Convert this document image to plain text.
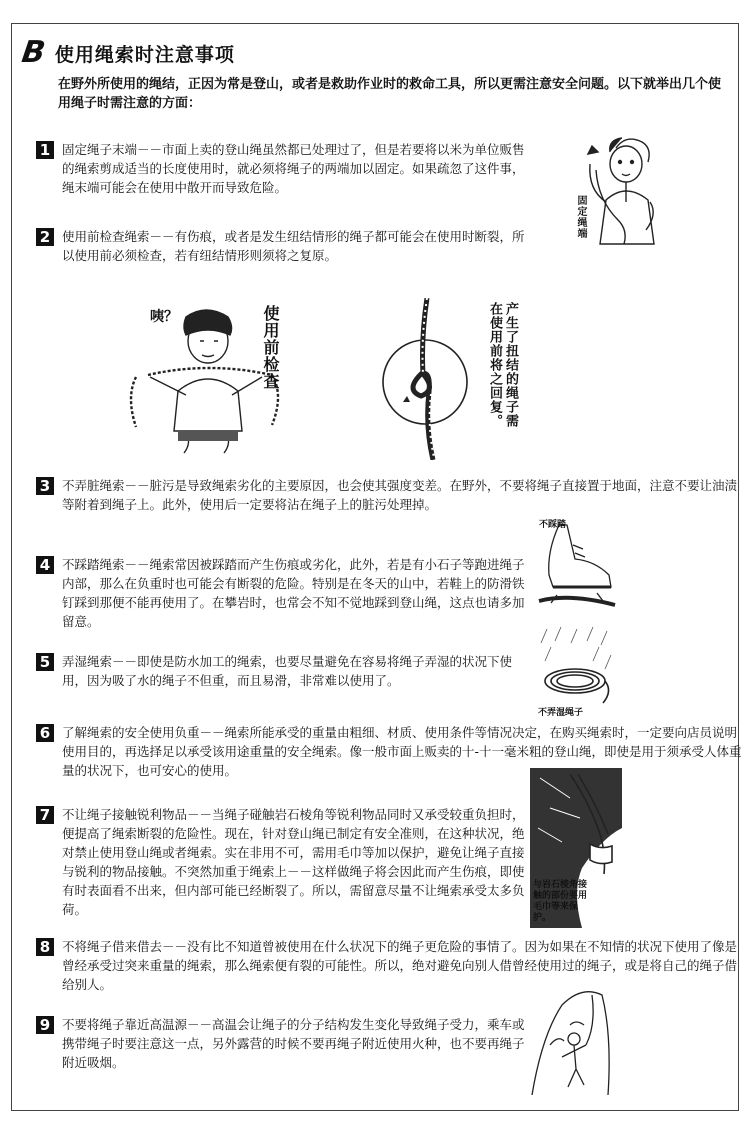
B 使用绳索时注意事项
在野外所使用的绳结，正因为常是登山，或者是救助作业时的救命工具，所以更需注意安全问题。以下就举出几个使用绳子时需注意的方面：
1 固定绳子末端－－市面上卖的登山绳虽然都已处理过了，但是若要将以米为单位贩售的绳索剪成适当的长度使用时，就必须将绳子的两端加以固定。如果疏忽了这件事，绳末端可能会在使用中散开而导致危险。
2 使用前检查绳索－－有伤痕，或者是发生纽结情形的绳子都可能会在使用时断裂，所以使用前必须检查，若有纽结情形则须将之复原。
3 不弄脏绳索－－脏污是导致绳索劣化的主要原因，也会使其强度变差。在野外，不要将绳子直接置于地面，注意不要让油渍等附着到绳子上。此外，使用后一定要将沾在绳子上的脏污处理掉。
4 不踩踏绳索－－绳索常因被踩踏而产生伤痕或劣化，此外，若是有小石子等跑进绳子内部，那么在负重时也可能会有断裂的危险。特别是在冬天的山中，若鞋上的防滑铁钉踩到那便不能再使用了。在攀岩时，也常会不知不觉地踩到登山绳，这点也请多加留意。
5 弄湿绳索－－即使是防水加工的绳索，也要尽量避免在容易将绳子弄湿的状况下使用，因为吸了水的绳子不但重，而且易滑，非常难以使用了。
6 了解绳索的安全使用负重－－绳索所能承受的重量由粗细、材质、使用条件等情况决定，在购买绳索时，一定要向店员说明使用目的，再选择足以承受该用途重量的安全绳索。像一般市面上贩卖的十-十一毫米粗的登山绳，即使是用于须承受人体重量的状况下，也可安心的使用。
7 不让绳子接触锐利物品－－当绳子碰触岩石棱角等锐利物品同时又承受较重负担时，便提高了绳索断裂的危险性。现在，针对登山绳已制定有安全准则，在这种状况，绝对禁止使用登山绳或者绳索。实在非用不可，需用毛巾等加以保护，避免让绳子直接与锐利的物品接触。不突然加重于绳索上－－这样做绳子将会因此而产生伤痕，即使有时表面看不出来，但内部可能已经断裂了。所以，需留意尽量不让绳索承受太多负荷。
8 不将绳子借来借去－－没有比不知道曾被使用在什么状况下的绳子更危险的事情了。因为如果在不知情的状况下使用了像是曾经承受过突来重量的绳索，那么绳索便有裂的可能性。所以，绝对避免向别人借曾经使用过的绳子，或是将自己的绳子借给别人。
9 不要将绳子靠近高温源－－高温会让绳子的分子结构发生变化导致绳子受力，乘车或携带绳子时要注意这一点，另外露营的时候不要再绳子附近使用火种，也不要再绳子附近吸烟。
固定绳端
咦？	使用前检查	产生了扭结的绳子需在使用前将之回复。
不踩踏
不弄湿绳子
与岩石棱角接触的部份要用毛巾等来保护。
